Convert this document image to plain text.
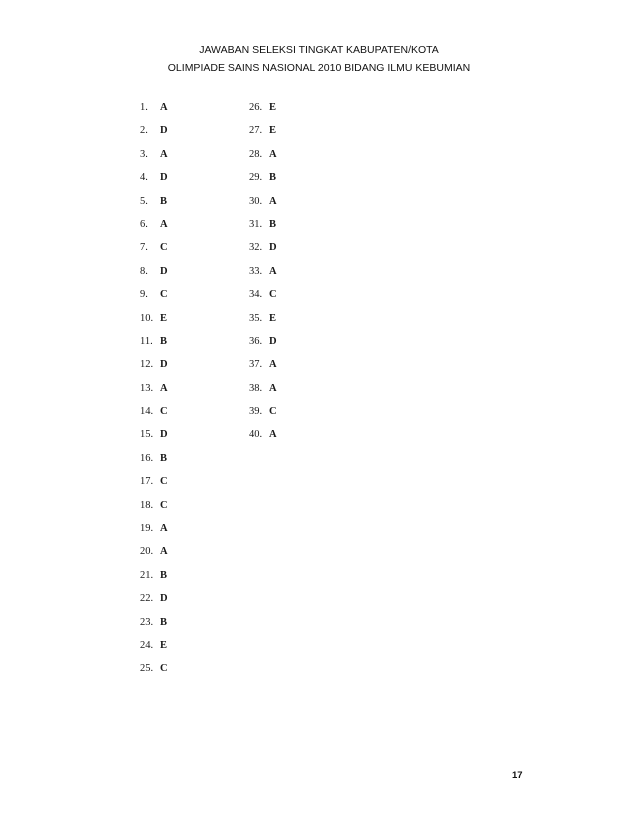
JAWABAN SELEKSI TINGKAT KABUPATEN/KOTA
OLIMPIADE SAINS NASIONAL 2010 BIDANG ILMU KEBUMIAN
1. A
2. D
3. A
4. D
5. B
6. A
7. C
8. D
9. C
10. E
11. B
12. D
13. A
14. C
15. D
16. B
17. C
18. C
19. A
20. A
21. B
22. D
23. B
24. E
25. C
26. E
27. E
28. A
29. B
30. A
31. B
32. D
33. A
34. C
35. E
36. D
37. A
38. A
39. C
40. A
17
